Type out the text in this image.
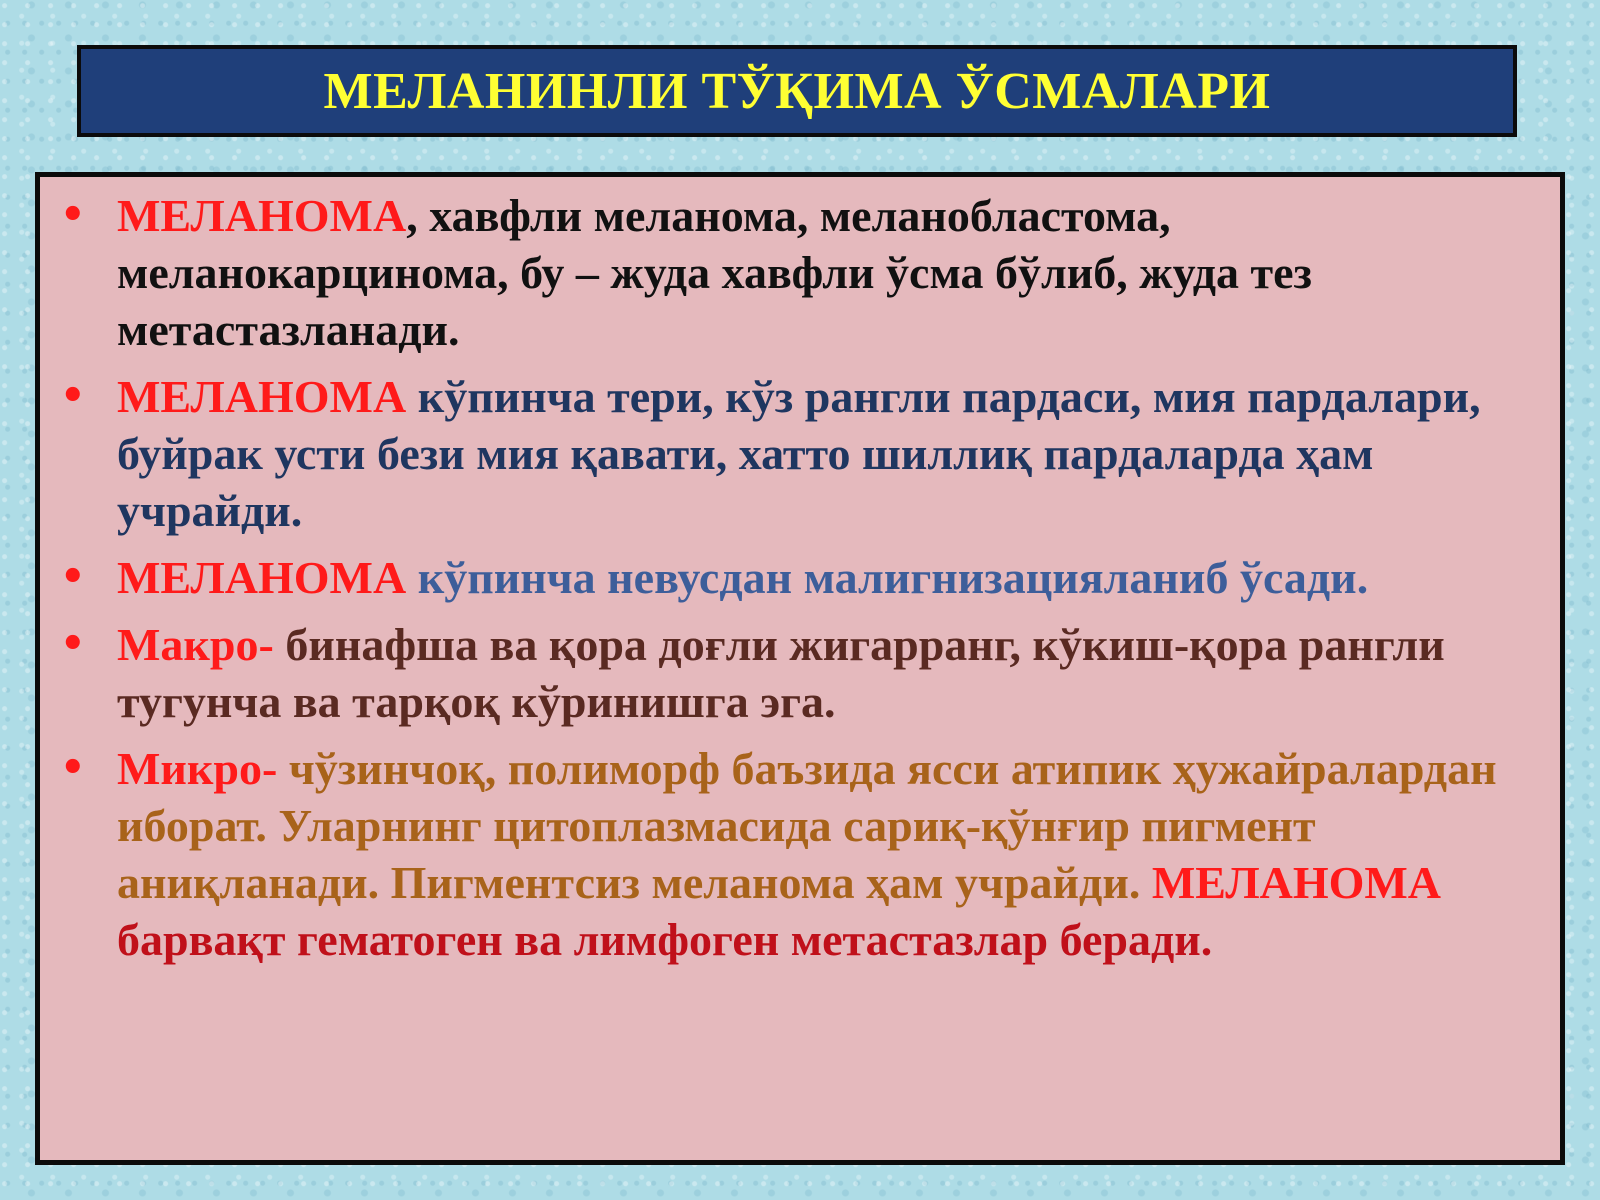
МЕЛАНИНЛИ ТЎҚИМА ЎСМАЛАРИ
• МЕЛАНОМА, хавфли меланома, меланобластома, меланокарцинома, бу – жуда хавфли ўсма бўлиб, жуда тез метастазланади.
• МЕЛАНОМА кўпинча тери, кўз рангли пардаси, мия пардалари, буйрак усти бези мия қавати, хатто шиллиқ пардаларда ҳам учрайди.
• МЕЛАНОМА кўпинча невусдан малигнизацияланиб ўсади.
• Макро- бинафша ва қора доғли жигарранг, кўкиш-қора рангли тугунча ва тарқоқ кўринишга эга.
• Микро- чўзинчоқ, полиморф баъзида ясси атипик ҳужайралардан иборат. Уларнинг цитоплазмасида сариқ-қўнғир пигмент аниқланади. Пигментсиз меланома ҳам учрайди. МЕЛАНОМА барвақт гематоген ва лимфоген метастазлар беради.
